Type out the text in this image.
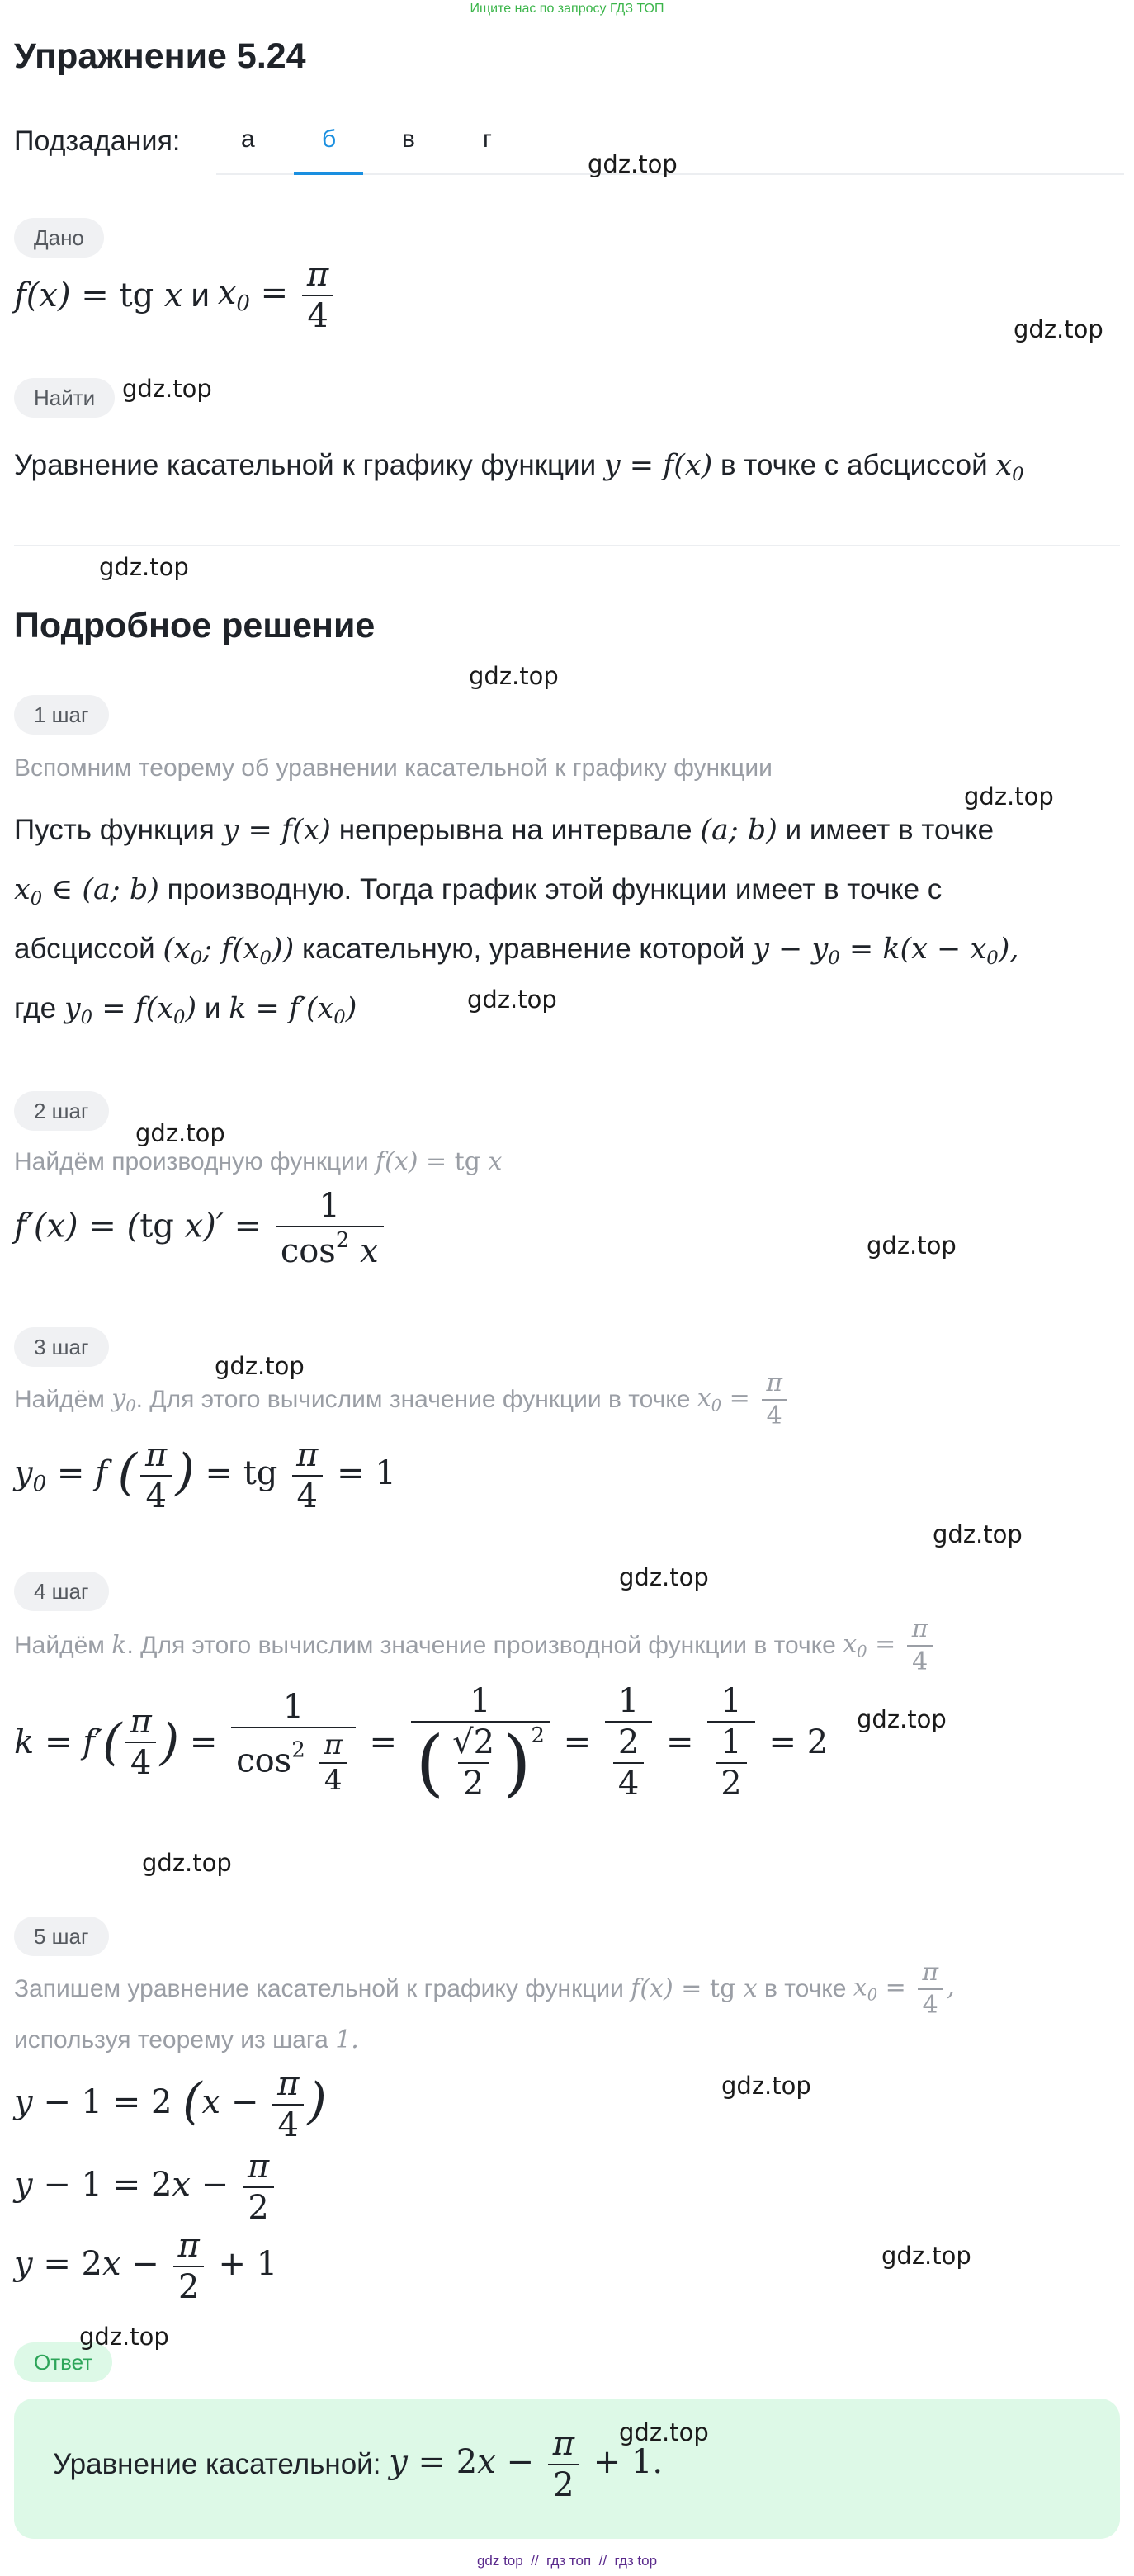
Ищите нас по запросу ГДЗ ТОП
Упражнение 5.24
Подзадания: а	б	в	г
Дано
f(x) = tg x и $x_0 = \frac{\pi}{4}$
Найти
Уравнение касательной к графику функции y = f(x) в точке с абсциссой $x_0$
Подробное решение
1 шаг
Вспомним теорему об уравнении касательной к графику функции
Пусть функция y = f(x) непрерывна на интервале (a; b) и имеет в точке
$x_0$ ∈ (a; b) производную. Тогда график этой функции имеет в точке с
абсциссой ($x_0$; $f(x_0)$) касательную, уравнение которой $y - y_0 = k(x - x_0)$,
где $y_0 = f(x_0)$ и $k = f'(x_0)$
2 шаг
Найдём производную функции f(x) = tg x
f′(x) = (tg $x)' = \frac{1}{\cos^2 x}$
3 шаг
Найдём
$y_0$ . Для этого вычислим значение функции в точке
$x_0 = \frac{\pi}{4}$
$y_0 = f$ ( $\frac{\pi}{4}$ ) = tg $\frac{\pi}{4} = 1$
4 шаг
Найдём
k . Для этого вычислим значение производной функции в точке
$x_0 = \frac{\pi}{4}$
k = f′ ( $\frac{\pi}{4}$ ) = $\frac{1}{\cos^2 \frac{\pi}{4}} = \frac{1}{( \frac{√2}{2} ) 2} = \frac{1}{\frac{2}{4}} = \frac{1}{\frac{1}{2}} = 2$
5 шаг
Запишем уравнение касательной к графику функции
f(x) = tg x
в точке
$x_0 = \frac{\pi}{4}$ ,
используя теорему из шага 1.
y − 1 = 2 ($x - \frac{\pi}{4}$ )
$y - 1 = 2x - \frac{\pi}{2}$
$y = 2x - \frac{\pi}{2} + 1$
Ответ
Уравнение касательной:
$y = 2x - \frac{\pi}{2} + 1$.
gdz top  //  гдз топ  //  гдз top
gdz.top
gdz.top
gdz.top
gdz.top
gdz.top
gdz.top
gdz.top
gdz.top
gdz.top
gdz.top
gdz.top
gdz.top
gdz.top
gdz.top
gdz.top
gdz.top
gdz.top
gdz.top
